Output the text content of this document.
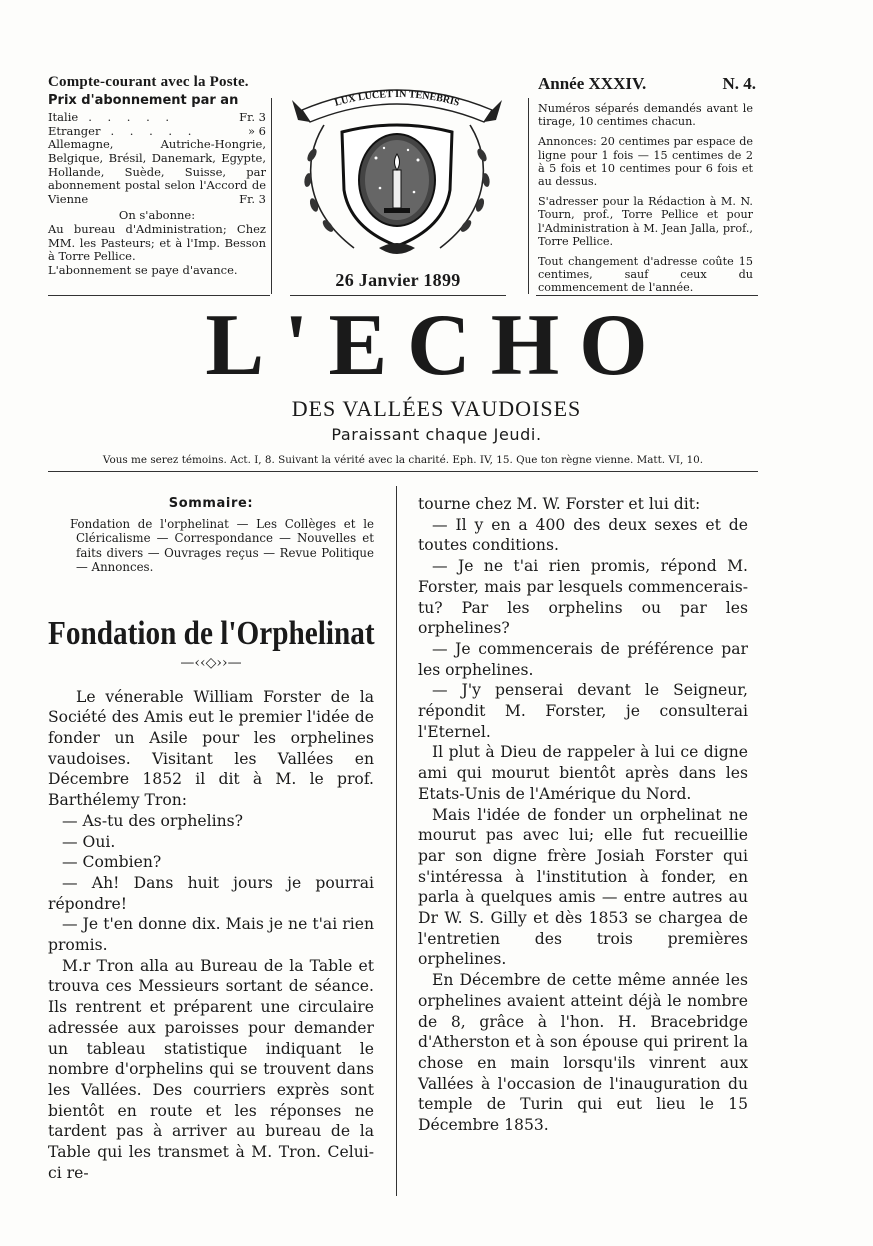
Compte-courant avec la Poste.
Prix d'abonnement par an
Italie . . . . .	Fr. 3
Etranger . . . . .	» 6
Allemagne, Autriche-Hongrie, Belgique, Brésil, Danemark, Egypte, Hollande, Suède, Suisse, par abonnement postal selon l'Accord de Vienne	Fr. 3
On s'abonne:
Au bureau d'Administration; Chez MM. les Pasteurs; et à l'Imp. Besson à Torre Pellice.
L'abonnement se paye d'avance.
LUX LUCET IN TENEBRIS
26 Janvier 1899
Année XXXIV.	N. 4.

Numéros séparés demandés avant le tirage, 10 centimes chacun.

Annonces: 20 centimes par espace de ligne pour 1 fois — 15 centimes de 2 à 5 fois et 10 centimes pour 6 fois et au dessus.

S'adresser pour la Rédaction à M. N. Tourn, prof., Torre Pellice et pour l'Administration à M. Jean Jalla, prof., Torre Pellice.

Tout changement d'adresse coûte 15 centimes, sauf ceux du commencement de l'année.

L'ECHO
DES VALLÉES VAUDOISES
Paraissant chaque Jeudi.
Vous me serez témoins. Act. I, 8. Suivant la vérité avec la charité. Eph. IV, 15. Que ton règne vienne. Matt. VI, 10.
Sommaire:
Fondation de l'orphelinat — Les Collèges et le Cléricalisme — Correspondance — Nouvelles et faits divers — Ouvrages reçus — Revue Politique — Annonces.
Fondation de l'Orphelinat
—‹‹◇››—

Le vénerable William Forster de la Société des Amis eut le premier l'idée de fonder un Asile pour les orphelines vaudoises. Visitant les Vallées en Décembre 1852 il dit à M. le prof. Barthélemy Tron:

— As-tu des orphelins?

— Oui.

— Combien?

— Ah! Dans huit jours je pourrai répondre!

— Je t'en donne dix. Mais je ne t'ai rien promis.

M.r Tron alla au Bureau de la Table et trouva ces Messieurs sortant de séance. Ils rentrent et préparent une circulaire adressée aux paroisses pour demander un tableau statistique indiquant le nombre d'orphelins qui se trouvent dans les Vallées. Des courriers exprès sont bientôt en route et les réponses ne tardent pas à arriver au bureau de la Table qui les transmet à M. Tron. Celui-ci re-

tourne chez M. W. Forster et lui dit:

— Il y en a 400 des deux sexes et de toutes conditions.

— Je ne t'ai rien promis, répond M. Forster, mais par lesquels commencerais-tu? Par les orphelins ou par les orphelines?

— Je commencerais de préférence par les orphelines.

— J'y penserai devant le Seigneur, répondit M. Forster, je consulterai l'Eternel.

Il plut à Dieu de rappeler à lui ce digne ami qui mourut bientôt après dans les Etats-Unis de l'Amérique du Nord.

Mais l'idée de fonder un orphelinat ne mourut pas avec lui; elle fut recueillie par son digne frère Josiah Forster qui s'intéressa à l'institution à fonder, en parla à quelques amis — entre autres au Dr W. S. Gilly et dès 1853 se chargea de l'entretien des trois premières orphelines.

En Décembre de cette même année les orphelines avaient atteint déjà le nombre de 8, grâce à l'hon. H. Bracebridge d'Atherston et à son épouse qui prirent la chose en main lorsqu'ils vinrent aux Vallées à l'occasion de l'inauguration du temple de Turin qui eut lieu le 15 Décembre 1853.
